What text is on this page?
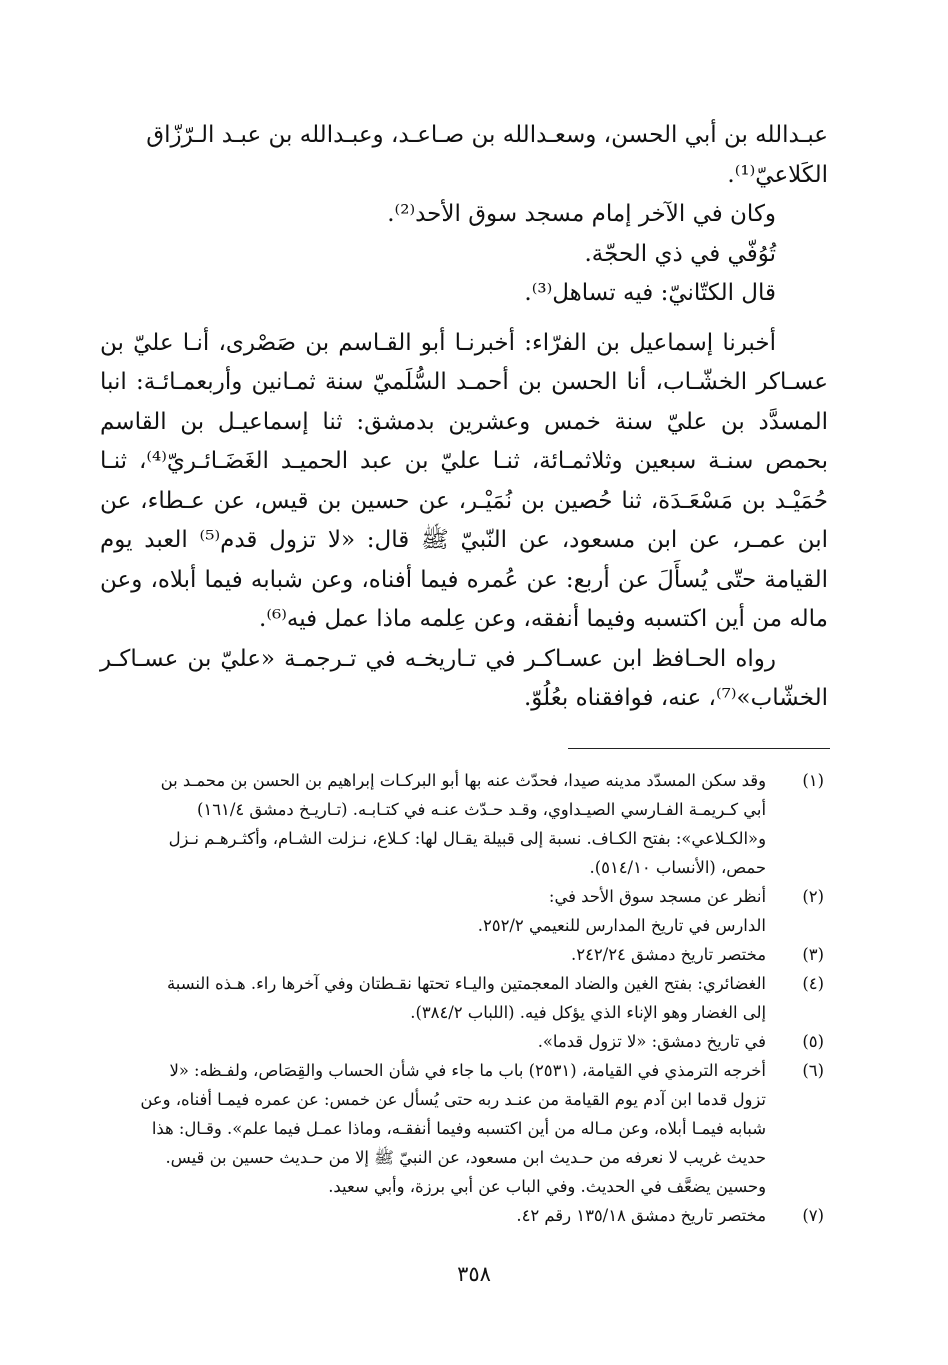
عبـدالله بن أبي الحسن، وسعـدالله بن صـاعـد، وعبـدالله بن عبـد الـرّزّاق

الكَلاعيّ⁽¹⁾.

وكان في الآخر إمام مسجد سوق الأحد⁽²⁾.

تُوُفّي في ذي الحجّة.

قال الكتّانيّ: فيه تساهل⁽³⁾.

أخبرنا إسماعيل بن الفرّاء: أخبرنـا أبو القـاسم بن صَصْرى، أنـا عليّ بن عسـاكر الخشّـاب، أنا الحسن بن أحمـد السُّلَميّ سنة ثمـانين وأربعمـائـة: انبا المسدَّد بن عليّ سنة خمس وعشرين بدمشق: ثنا إسماعيـل بن القاسم بحمص سنـة سبعين وثلاثمـائة، ثنـا عليّ بن عبد الحميـد الغَضَـائـريّ⁽⁴⁾، ثنـا حُمَيْـد بن مَسْعَـدَة، ثنا حُصين بن نُمَيْـر، عن حسين بن قيس، عن عـطاء، عن ابن عمـر، عن ابن مسعود، عن النّبيّ ﷺ قال: «لا تزول قدم⁽⁵⁾ العبد يوم القيامة حتّى يُسأَلَ عن أربع: عن عُمره فيما أفناه، وعن شبابه فيما أبلاه، وعن ماله من أين اكتسبه وفيما أنفقه، وعن عِلمه ماذا عمل فيه⁽⁶⁾.

رواه الحـافظ ابن عسـاكـر في تـاريخـه في تـرجمـة «عليّ بن عسـاكـر الخشّاب»⁽⁷⁾، عنه، فوافقناه بعُلُوّ.

(١)
وقد سكن المسدّد مدينه صيدا، فحدّث عنه بها أبو البركـات إبراهيم بن الحسن بن محمـد بن
أبي كـريمـة الفـارسي الصيـداوي، وقـد حـدّث عنـه في كتـابـه. (تـاريـخ دمشق ١٦١/٤)
و«الكـلاعي»: بفتح الكـاف. نسبة إلى قبيلة يقـال لها: كـلاع، نـزلت الشـام، وأكثـرهـم نـزل
حمص، (الأنساب ٥١٤/١٠).
(٢)
أنظر عن مسجد سوق الأحد في:
الدارس في تاريخ المدارس للنعيمي ٢٥٢/٢.
(٣)
مختصر تاريخ دمشق ٢٤٢/٢٤.
(٤)
الغضائري: بفتح الغين والضاد المعجمتين واليـاء تحتها نقـطتان وفي آخرها راء. هـذه النسبة
إلى الغضار وهو الإناء الذي يؤكل فيه. (اللباب ٣٨٤/٢).
(٥)
في تاريخ دمشق: «لا تزول قدما».
(٦)
أخرجه الترمذي في القيامة، (٢٥٣١) باب ما جاء في شأن الحساب والقِصَاص، ولفـظه: «لا
تزول قدما ابن آدم يوم القيامة من عنـد ربه حتى يُسأل عن خمس: عن عمره فيمـا أفناه، وعن
شبابه فيمـا أبلاه، وعن مـاله من أين اكتسبه وفيما أنفقـه، وماذا عمـل فيما علم». وقـال: هذا
حديث غريب لا نعرفه من حـديث ابن مسعود، عن النبيّ ﷺ إلا من حـديث حسين بن قيس.
وحسين يضعَّف في الحديث. وفي الباب عن أبي برزة، وأبي سعيد.
(٧)
مختصر تاريخ دمشق ١٣٥/١٨ رقم ٤٢.
٣٥٨
